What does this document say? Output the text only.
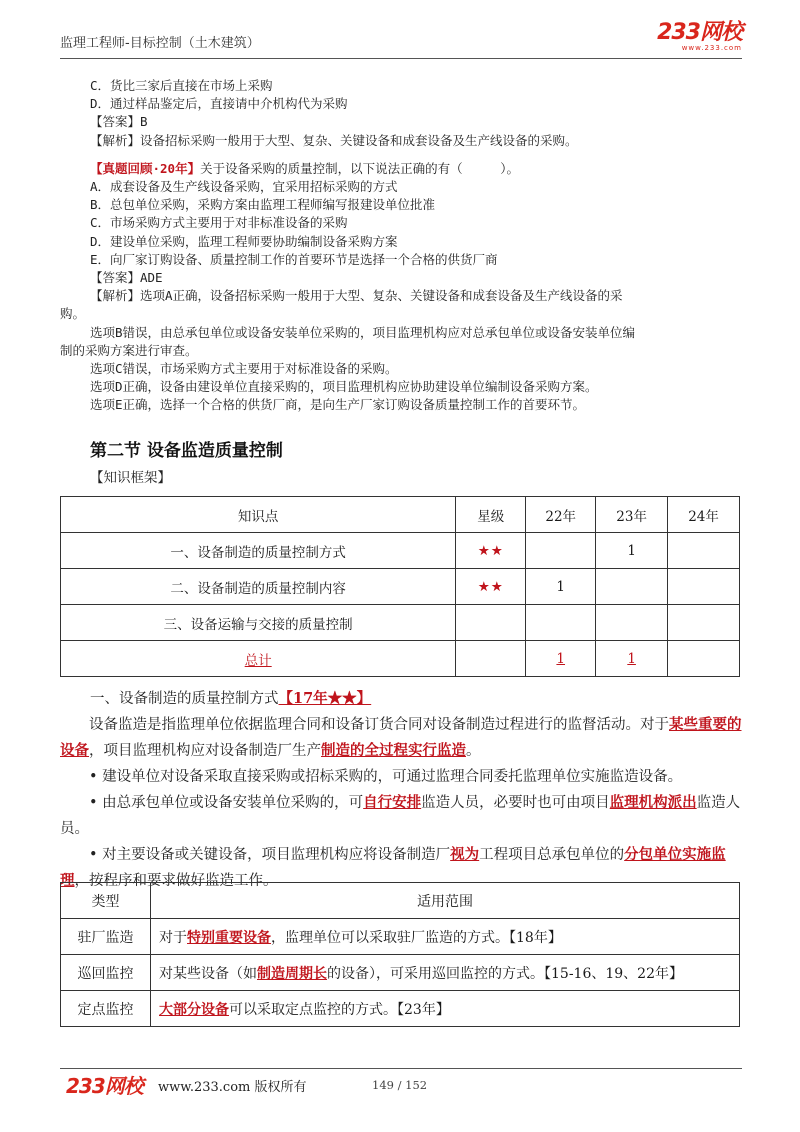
监理工程师-目标控制（土木建筑）	233网校
www.233.com
C．货比三家后直接在市场上采购
D．通过样品鉴定后，直接请中介机构代为采购
【答案】B
【解析】设备招标采购一般用于大型、复杂、关键设备和成套设备及生产线设备的采购。
【真题回顾·20年】关于设备采购的质量控制，以下说法正确的有（     ）。
A．成套设备及生产线设备采购，宜采用招标采购的方式
B．总包单位采购，采购方案由监理工程师编写报建设单位批准
C．市场采购方式主要用于对非标准设备的采购
D．建设单位采购，监理工程师要协助编制设备采购方案
E．向厂家订购设备、质量控制工作的首要环节是选择一个合格的供货厂商
【答案】ADE
【解析】选项A正确，设备招标采购一般用于大型、复杂、关键设备和成套设备及生产线设备的采
购。
选项B错误，由总承包单位或设备安装单位采购的，项目监理机构应对总承包单位或设备安装单位编
制的采购方案进行审查。
选项C错误，市场采购方式主要用于对标准设备的采购。
选项D正确，设备由建设单位直接采购的，项目监理机构应协助建设单位编制设备采购方案。
选项E正确，选择一个合格的供货厂商，是向生产厂家订购设备质量控制工作的首要环节。
第二节 设备监造质量控制
【知识框架】
知识点	星级	22年	23年	24年
一、设备制造的质量控制方式	★★		1	
二、设备制造的质量控制内容	★★	1		
三、设备运输与交接的质量控制				
总计		1	1	
一、设备制造的质量控制方式【17年★★】
设备监造是指监理单位依据监理合同和设备订货合同对设备制造过程进行的监督活动。对于某些重要的设备，项目监理机构应对设备制造厂生产制造的全过程实行监造。
• 建设单位对设备采取直接采购或招标采购的，可通过监理合同委托监理单位实施监造设备。
• 由总承包单位或设备安装单位采购的，可自行安排监造人员，必要时也可由项目监理机构派出监造人员。
• 对主要设备或关键设备，项目监理机构应将设备制造厂视为工程项目总承包单位的分包单位实施监理，按程序和要求做好监造工作。
类型	适用范围
驻厂监造	对于特别重要设备，监理单位可以采取驻厂监造的方式。【18年】
巡回监控	对某些设备（如制造周期长的设备），可采用巡回监控的方式。【15-16、19、22年】
定点监控	大部分设备可以采取定点监控的方式。【23年】
233网校 www.233.com 版权所有	149 / 152
